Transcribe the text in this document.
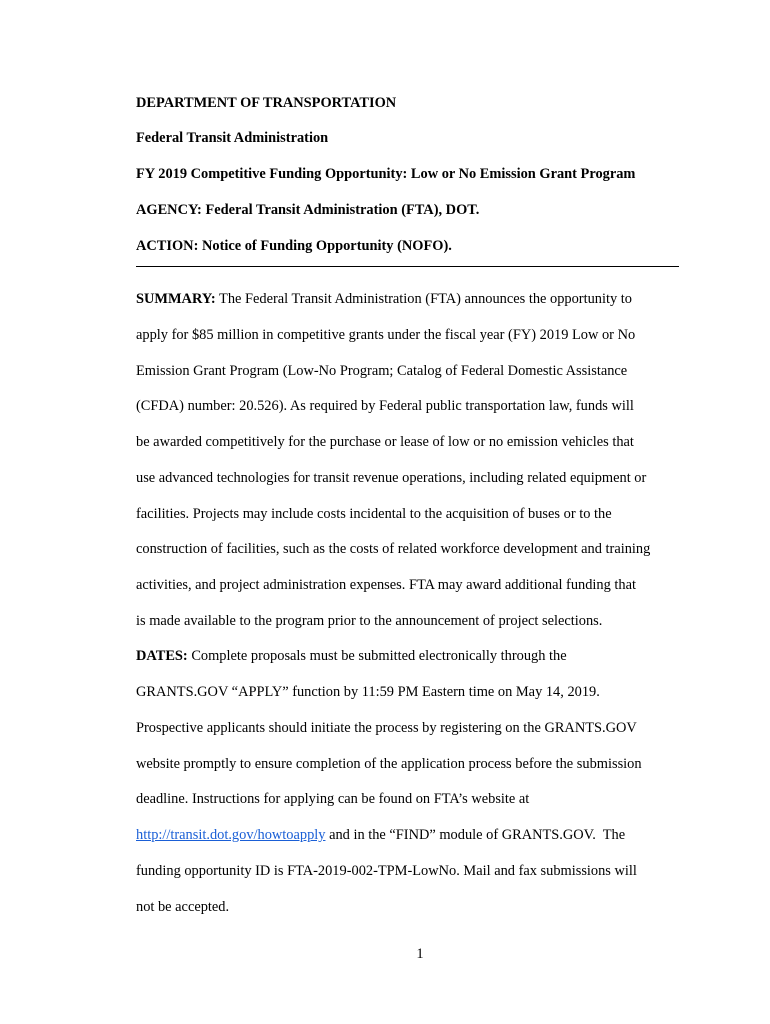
DEPARTMENT OF TRANSPORTATION
Federal Transit Administration
FY 2019 Competitive Funding Opportunity: Low or No Emission Grant Program
AGENCY: Federal Transit Administration (FTA), DOT.
ACTION: Notice of Funding Opportunity (NOFO).
SUMMARY: The Federal Transit Administration (FTA) announces the opportunity to
apply for $85 million in competitive grants under the fiscal year (FY) 2019 Low or No
Emission Grant Program (Low-No Program; Catalog of Federal Domestic Assistance
(CFDA) number: 20.526). As required by Federal public transportation law, funds will
be awarded competitively for the purchase or lease of low or no emission vehicles that
use advanced technologies for transit revenue operations, including related equipment or
facilities. Projects may include costs incidental to the acquisition of buses or to the
construction of facilities, such as the costs of related workforce development and training
activities, and project administration expenses. FTA may award additional funding that
is made available to the program prior to the announcement of project selections.
DATES: Complete proposals must be submitted electronically through the
GRANTS.GOV “APPLY” function by 11:59 PM Eastern time on May 14, 2019.
Prospective applicants should initiate the process by registering on the GRANTS.GOV
website promptly to ensure completion of the application process before the submission
deadline. Instructions for applying can be found on FTA’s website at
http://transit.dot.gov/howtoapply and in the “FIND” module of GRANTS.GOV.  The
funding opportunity ID is FTA-2019-002-TPM-LowNo. Mail and fax submissions will
not be accepted.
1
